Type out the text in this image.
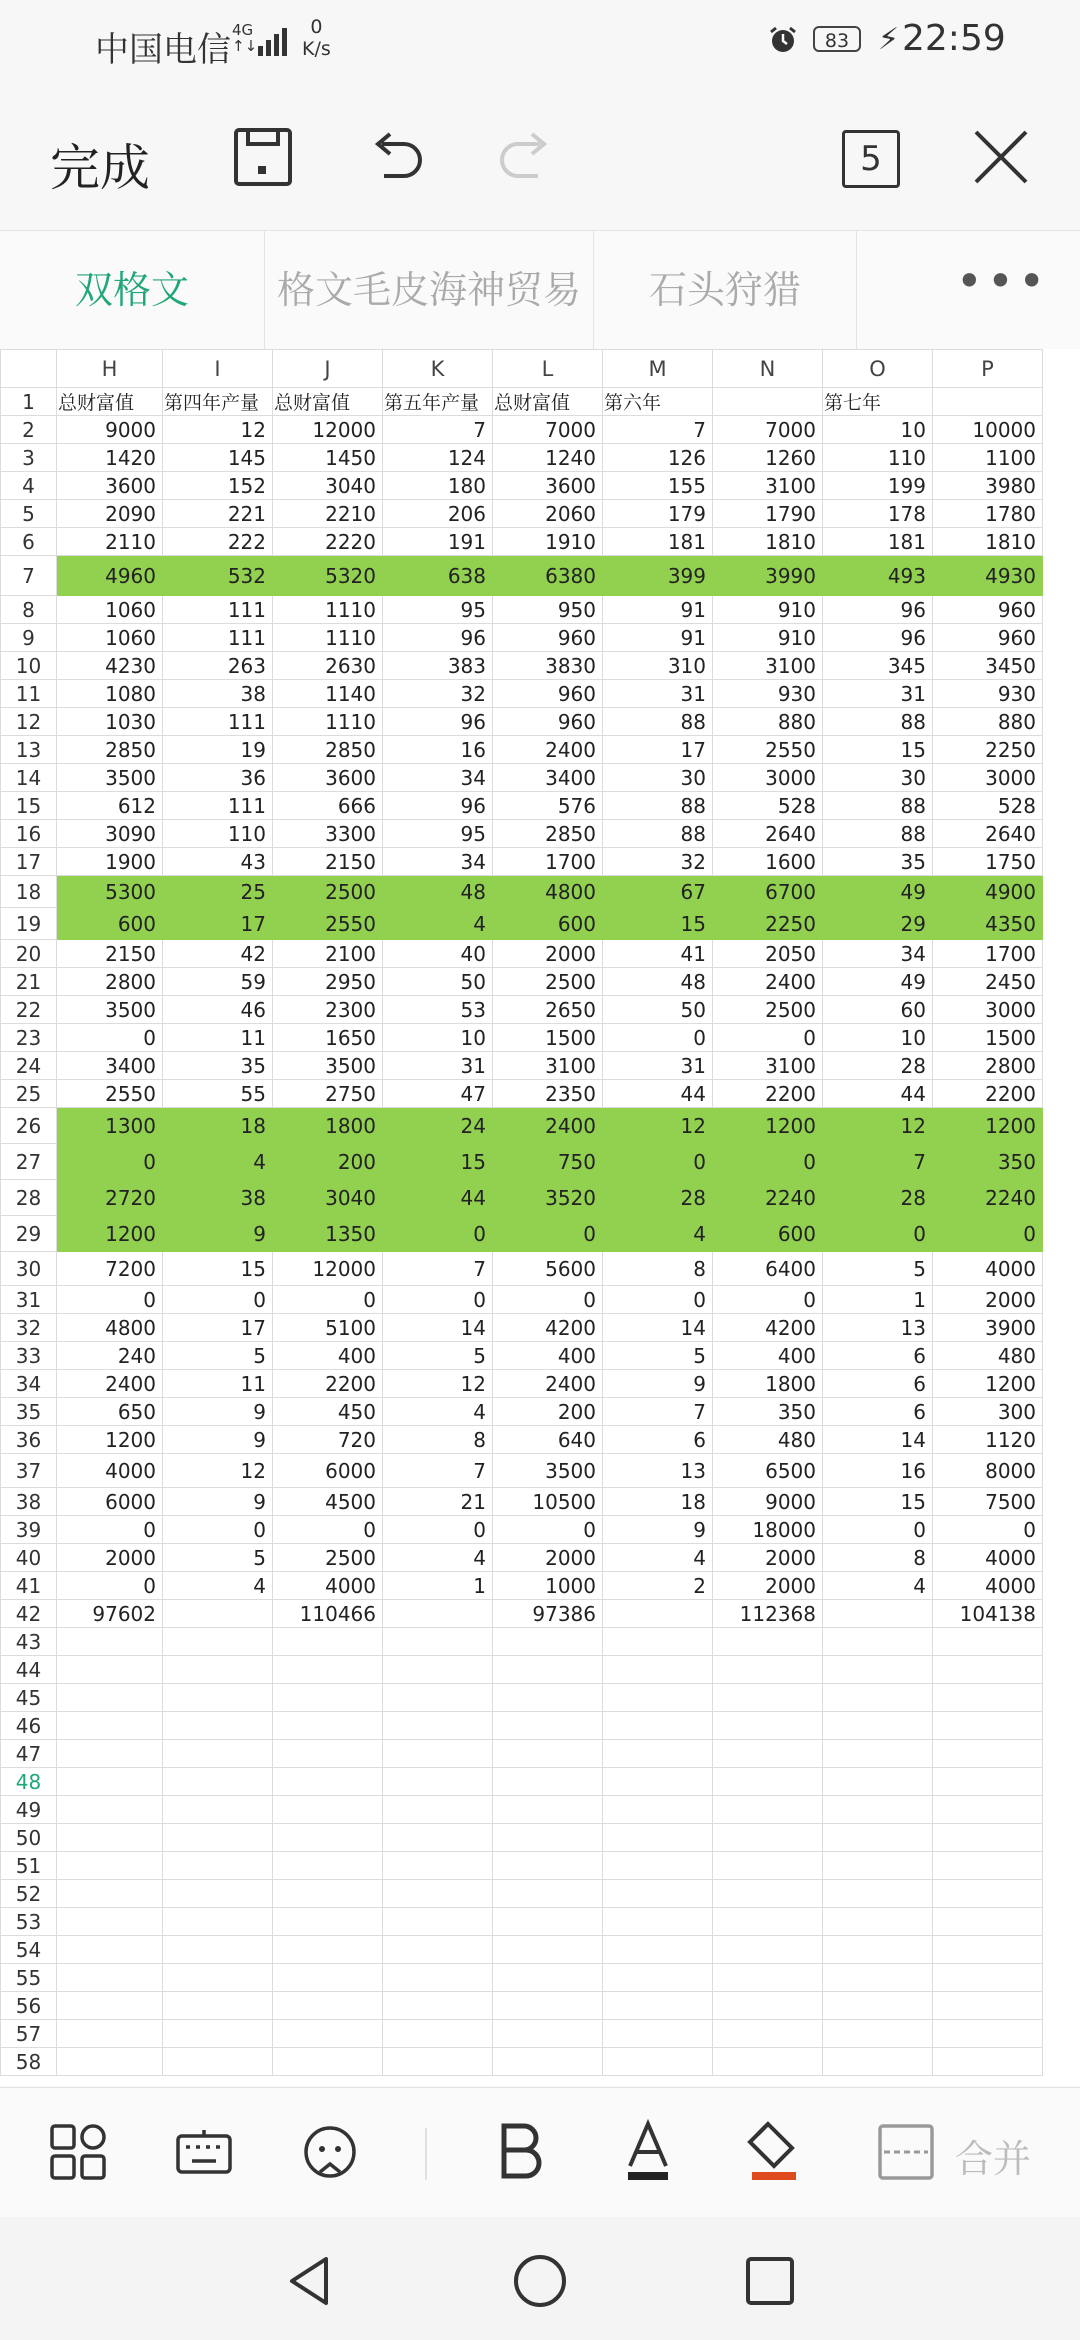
中国电信 4G
↑↓
0
K/s	83 ⚡ 22:59
完成	5
双格文	格文毛皮海神贸易	石头狩猎	•••
	H	I	J	K	L	M	N	O	P
1	总财富值	第四年产量	总财富值	第五年产量	总财富值	第六年		第七年	
2	9000	12	12000	7	7000	7	7000	10	10000
3	1420	145	1450	124	1240	126	1260	110	1100
4	3600	152	3040	180	3600	155	3100	199	3980
5	2090	221	2210	206	2060	179	1790	178	1780
6	2110	222	2220	191	1910	181	1810	181	1810
7	4960	532	5320	638	6380	399	3990	493	4930
8	1060	111	1110	95	950	91	910	96	960
9	1060	111	1110	96	960	91	910	96	960
10	4230	263	2630	383	3830	310	3100	345	3450
11	1080	38	1140	32	960	31	930	31	930
12	1030	111	1110	96	960	88	880	88	880
13	2850	19	2850	16	2400	17	2550	15	2250
14	3500	36	3600	34	3400	30	3000	30	3000
15	612	111	666	96	576	88	528	88	528
16	3090	110	3300	95	2850	88	2640	88	2640
17	1900	43	2150	34	1700	32	1600	35	1750
18	5300	25	2500	48	4800	67	6700	49	4900
19	600	17	2550	4	600	15	2250	29	4350
20	2150	42	2100	40	2000	41	2050	34	1700
21	2800	59	2950	50	2500	48	2400	49	2450
22	3500	46	2300	53	2650	50	2500	60	3000
23	0	11	1650	10	1500	0	0	10	1500
24	3400	35	3500	31	3100	31	3100	28	2800
25	2550	55	2750	47	2350	44	2200	44	2200
26	1300	18	1800	24	2400	12	1200	12	1200
27	0	4	200	15	750	0	0	7	350
28	2720	38	3040	44	3520	28	2240	28	2240
29	1200	9	1350	0	0	4	600	0	0
30	7200	15	12000	7	5600	8	6400	5	4000
31	0	0	0	0	0	0	0	1	2000
32	4800	17	5100	14	4200	14	4200	13	3900
33	240	5	400	5	400	5	400	6	480
34	2400	11	2200	12	2400	9	1800	6	1200
35	650	9	450	4	200	7	350	6	300
36	1200	9	720	8	640	6	480	14	1120
37	4000	12	6000	7	3500	13	6500	16	8000
38	6000	9	4500	21	10500	18	9000	15	7500
39	0	0	0	0	0	9	18000	0	0
40	2000	5	2500	4	2000	4	2000	8	4000
41	0	4	4000	1	1000	2	2000	4	4000
42	97602		110466		97386		112368		104138
43									
44									
45									
46									
47									
48									
49									
50									
51									
52									
53									
54									
55									
56									
57									
58									
合并
